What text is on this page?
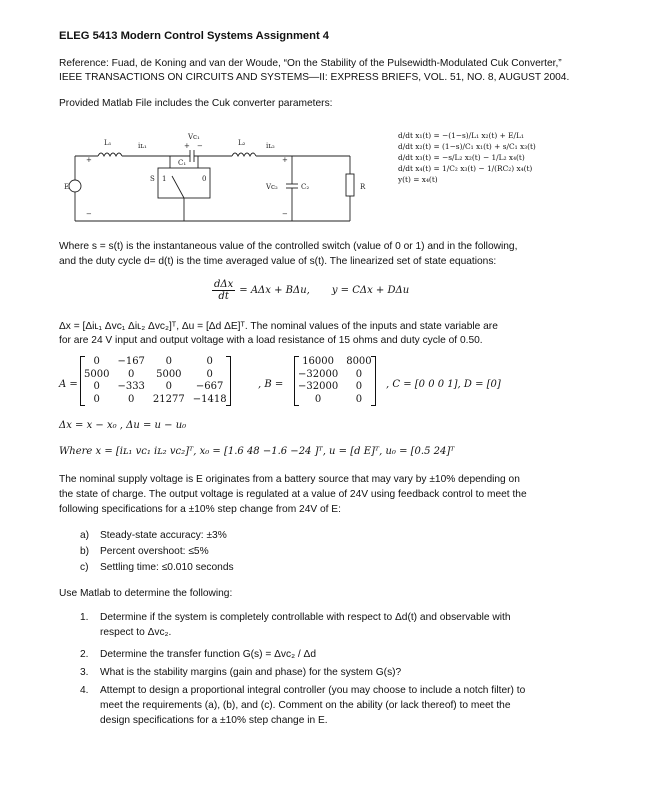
ELEG 5413 Modern Control Systems Assignment 4
Reference: Fuad, de Koning and van der Woude, “On the Stability of the Pulsewidth-Modulated Cuk Converter,”
IEEE TRANSACTIONS ON CIRCUITS AND SYSTEMS—II: EXPRESS BRIEFS, VOL. 51, NO. 8, AUGUST 2004.
Provided Matlab File includes the Cuk converter parameters:
L₁	iʟ₁
Vᴄ₁
+ −
C₁
L₂	iʟ₂
+
−
E
S 1	0
+
Vᴄ₂	C₂
−
R
d/dt x₁(t) = −(1−s)/L₁ x₂(t) + E/L₁
d/dt x₂(t) = (1−s)/C₁ x₁(t) + s/C₁ x₃(t)
d/dt x₃(t) = −s/L₂ x₂(t) − 1/L₂ x₄(t)
d/dt x₄(t) = 1/C₂ x₃(t) − 1/(RC₂) x₄(t)
y(t) = x₄(t)
Where s = s(t) is the instantaneous value of the controlled switch (value of 0 or 1) and in the following,
and the duty cycle d= d(t) is the time averaged value of s(t). The linearized set of state equations:
$\frac{\text{dΔx}}{dt} = A\Delta x + B\Delta u$, y = CΔx + DΔu
Δx = [Δiʟ₁ Δvᴄ₁ Δiʟ₂ Δvᴄ₂]ᵀ, Δu = [Δd ΔE]ᵀ. The nominal values of the inputs and state variable are
for are 24 V input and output voltage with a load resistance of 15 ohms and duty cycle of 0.50.
A =
0	−167	0	0
5000	0	5000	0
0	−333	0	−667
0	0	21277	−1418
, B =
16000	8000
−32000	0
−32000	0
0	0
, C = [0 0 0 1], D = [0]
Δx = x − x₀ , Δu = u − u₀
Where x = [iʟ₁ vᴄ₁ iʟ₂ vᴄ₂]ᵀ, x₀ = [1.6 48 −1.6 −24 ]ᵀ, u = [d E]ᵀ, u₀ = [0.5 24]ᵀ
The nominal supply voltage is E originates from a battery source that may vary by ±10% depending on
the state of charge. The output voltage is regulated at a value of 24V using feedback control to meet the
following specifications for a ±10% step change from 24V of E:
a) Steady-state accuracy: ±3%
b) Percent overshoot: ≤5%
c) Settling time: ≤0.010 seconds
Use Matlab to determine the following:
1. Determine if the system is completely controllable with respect to Δd(t) and observable with
respect to Δvᴄ₂.
2. Determine the transfer function G(s) = Δvᴄ₂ / Δd
3. What is the stability margins (gain and phase) for the system G(s)?
4. Attempt to design a proportional integral controller (you may choose to include a notch filter) to
meet the requirements (a), (b), and (c). Comment on the ability (or lack thereof) to meet the
design specifications for a ±10% step change in E.
